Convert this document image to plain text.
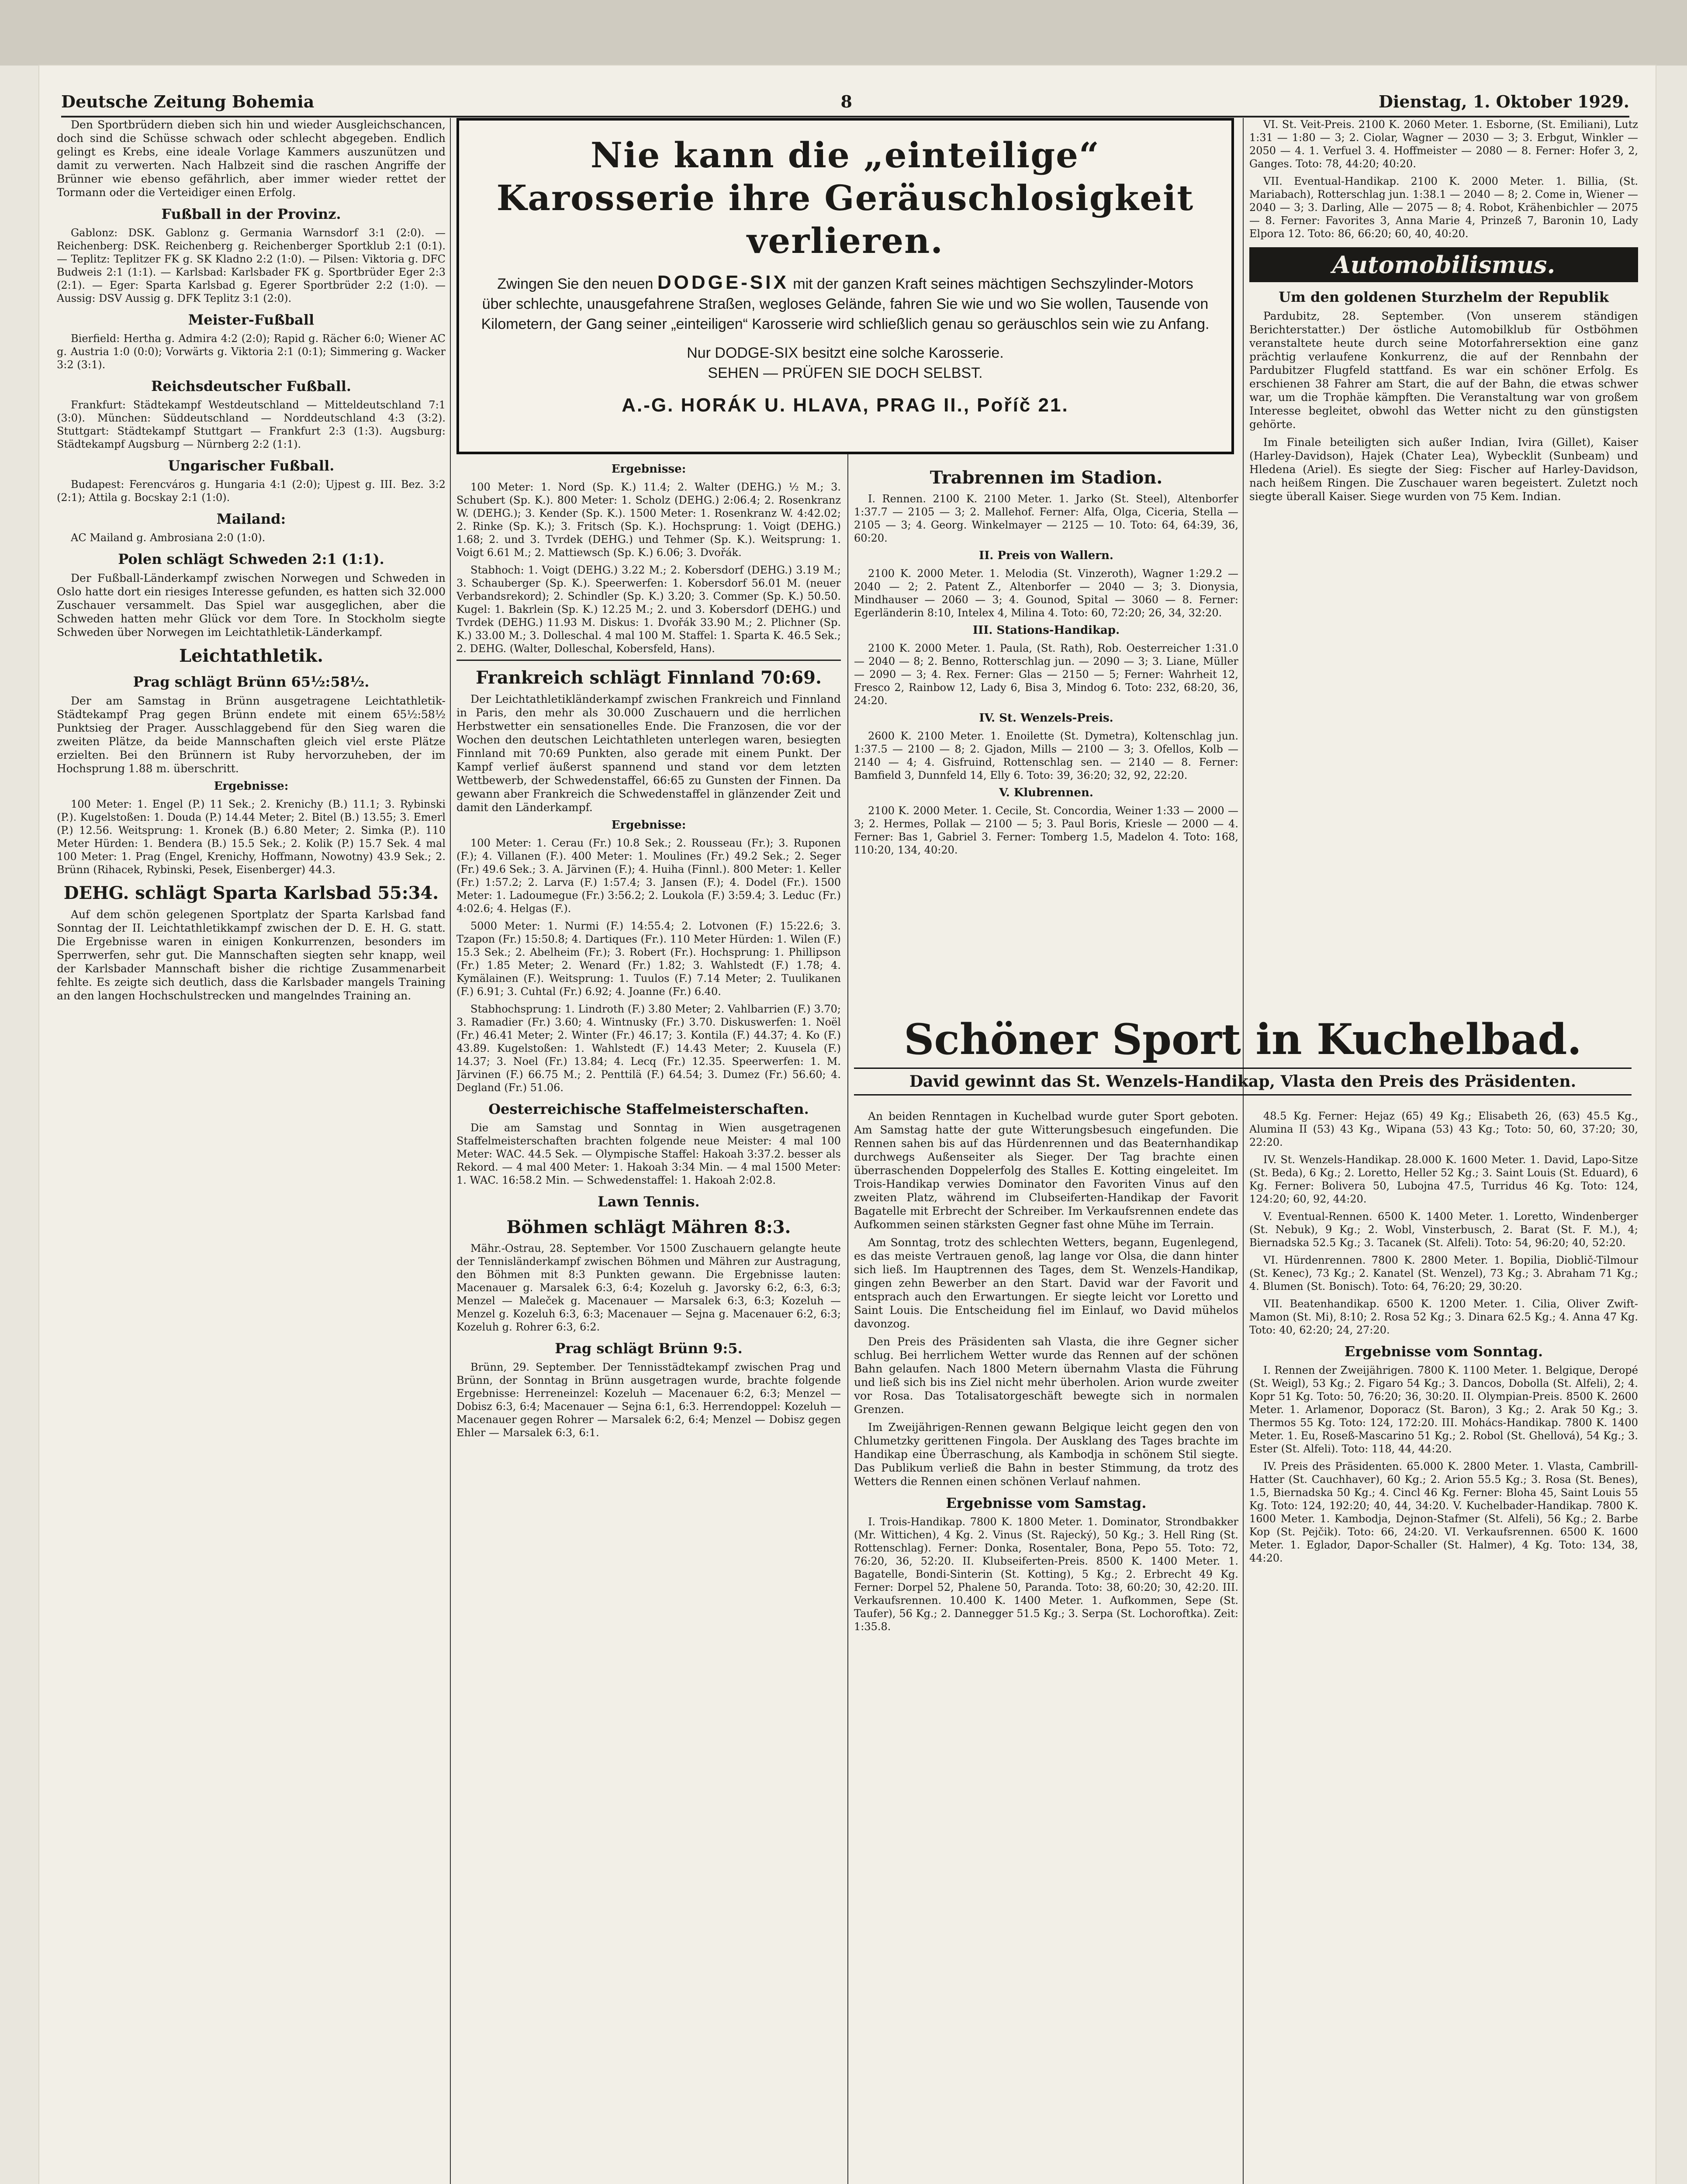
Deutsche Zeitung Bohemia	8	Dienstag, 1. Oktober 1929.

Den Sportbrüdern dieben sich hin und wieder Ausgleichschancen, doch sind die Schüsse schwach oder schlecht abgegeben. Endlich gelingt es Krebs, eine ideale Vorlage Kammers auszunützen und damit zu verwerten. Nach Halbzeit sind die raschen Angriffe der Brünner wie ebenso gefährlich, aber immer wieder rettet der Tormann oder die Verteidiger einen Erfolg.

Fußball in der Provinz.

Gablonz: DSK. Gablonz g. Germania Warnsdorf 3:1 (2:0). — Reichenberg: DSK. Reichenberg g. Reichenberger Sportklub 2:1 (0:1). — Teplitz: Teplitzer FK g. SK Kladno 2:2 (1:0). — Pilsen: Viktoria g. DFC Budweis 2:1 (1:1). — Karlsbad: Karlsbader FK g. Sportbrüder Eger 2:3 (2:1). — Eger: Sparta Karlsbad g. Egerer Sportbrüder 2:2 (1:0). — Aussig: DSV Aussig g. DFK Teplitz 3:1 (2:0).

Meister-Fußball

Bierfield: Hertha g. Admira 4:2 (2:0); Rapid g. Rächer 6:0; Wiener AC g. Austria 1:0 (0:0); Vorwärts g. Viktoria 2:1 (0:1); Simmering g. Wacker 3:2 (3:1).

Reichsdeutscher Fußball.

Frankfurt: Städtekampf Westdeutschland — Mitteldeutschland 7:1 (3:0). München: Süddeutschland — Norddeutschland 4:3 (3:2). Stuttgart: Städtekampf Stuttgart — Frankfurt 2:3 (1:3). Augsburg: Städtekampf Augsburg — Nürnberg 2:2 (1:1).

Ungarischer Fußball.

Budapest: Ferencváros g. Hungaria 4:1 (2:0); Ujpest g. III. Bez. 3:2 (2:1); Attila g. Bocskay 2:1 (1:0).

Mailand:

AC Mailand g. Ambrosiana 2:0 (1:0).

Polen schlägt Schweden 2:1 (1:1).

Der Fußball-Länderkampf zwischen Norwegen und Schweden in Oslo hatte dort ein riesiges Interesse gefunden, es hatten sich 32.000 Zuschauer versammelt. Das Spiel war ausgeglichen, aber die Schweden hatten mehr Glück vor dem Tore. In Stockholm siegte Schweden über Norwegen im Leichtathletik-Länderkampf.

Leichtathletik.
Prag schlägt Brünn 65½:58½.

Der am Samstag in Brünn ausgetragene Leichtathletik-Städtekampf Prag gegen Brünn endete mit einem 65½:58½ Punktsieg der Prager. Ausschlaggebend für den Sieg waren die zweiten Plätze, da beide Mannschaften gleich viel erste Plätze erzielten. Bei den Brünnern ist Ruby hervorzuheben, der im Hochsprung 1.88 m. überschritt.

Ergebnisse:

100 Meter: 1. Engel (P.) 11 Sek.; 2. Krenichy (B.) 11.1; 3. Rybinski (P.). Kugelstoßen: 1. Douda (P.) 14.44 Meter; 2. Bitel (B.) 13.55; 3. Emerl (P.) 12.56. Weitsprung: 1. Kronek (B.) 6.80 Meter; 2. Simka (P.). 110 Meter Hürden: 1. Bendera (B.) 15.5 Sek.; 2. Kolik (P.) 15.7 Sek. 4 mal 100 Meter: 1. Prag (Engel, Krenichy, Hoffmann, Nowotny) 43.9 Sek.; 2. Brünn (Rihacek, Rybinski, Pesek, Eisenberger) 44.3.

DEHG. schlägt Sparta Karlsbad 55:34.

Auf dem schön gelegenen Sportplatz der Sparta Karlsbad fand Sonntag der II. Leichtathletikkampf zwischen der D. E. H. G. statt. Die Ergebnisse waren in einigen Konkurrenzen, besonders im Sperrwerfen, sehr gut. Die Mannschaften siegten sehr knapp, weil der Karlsbader Mannschaft bisher die richtige Zusammenarbeit fehlte. Es zeigte sich deutlich, dass die Karlsbader mangels Training an den langen Hochschulstrecken und mangelndes Training an.

Nie kann die „einteilige“ Karosserie ihre Geräuschlosigkeit verlieren.
Zwingen Sie den neuen DODGE-SIX mit der ganzen Kraft seines mächtigen Sechszylinder-Motors über schlechte, unausgefahrene Straßen, wegloses Gelände, fahren Sie wie und wo Sie wollen, Tausende von Kilometern, der Gang seiner „einteiligen“ Karosserie wird schließlich genau so geräuschlos sein wie zu Anfang.
Nur DODGE-SIX besitzt eine solche Karosserie.
SEHEN — PRÜFEN SIE DOCH SELBST.
A.-G. HORÁK U. HLAVA, PRAG II., Poříč 21.
Ergebnisse:

100 Meter: 1. Nord (Sp. K.) 11.4; 2. Walter (DEHG.) ½ M.; 3. Schubert (Sp. K.). 800 Meter: 1. Scholz (DEHG.) 2:06.4; 2. Rosenkranz W. (DEHG.); 3. Kender (Sp. K.). 1500 Meter: 1. Rosenkranz W. 4:42.02; 2. Rinke (Sp. K.); 3. Fritsch (Sp. K.). Hochsprung: 1. Voigt (DEHG.) 1.68; 2. und 3. Tvrdek (DEHG.) und Tehmer (Sp. K.). Weitsprung: 1. Voigt 6.61 M.; 2. Mattiewsch (Sp. K.) 6.06; 3. Dvořák.

Stabhoch: 1. Voigt (DEHG.) 3.22 M.; 2. Kobersdorf (DEHG.) 3.19 M.; 3. Schauberger (Sp. K.). Speerwerfen: 1. Kobersdorf 56.01 M. (neuer Verbandsrekord); 2. Schindler (Sp. K.) 3.20; 3. Commer (Sp. K.) 50.50. Kugel: 1. Bakrlein (Sp. K.) 12.25 M.; 2. und 3. Kobersdorf (DEHG.) und Tvrdek (DEHG.) 11.93 M. Diskus: 1. Dvořák 33.90 M.; 2. Plichner (Sp. K.) 33.00 M.; 3. Dolleschal. 4 mal 100 M. Staffel: 1. Sparta K. 46.5 Sek.; 2. DEHG. (Walter, Dolleschal, Kobersfeld, Hans).

Frankreich schlägt Finnland 70:69.

Der Leichtathletikländerkampf zwischen Frankreich und Finnland in Paris, den mehr als 30.000 Zuschauern und die herrlichen Herbstwetter ein sensationelles Ende. Die Franzosen, die vor der Wochen den deutschen Leichtathleten unterlegen waren, besiegten Finnland mit 70:69 Punkten, also gerade mit einem Punkt. Der Kampf verlief äußerst spannend und stand vor dem letzten Wettbewerb, der Schwedenstaffel, 66:65 zu Gunsten der Finnen. Da gewann aber Frankreich die Schwedenstaffel in glänzender Zeit und damit den Länderkampf.

Ergebnisse:

100 Meter: 1. Cerau (Fr.) 10.8 Sek.; 2. Rousseau (Fr.); 3. Ruponen (F.); 4. Villanen (F.). 400 Meter: 1. Moulines (Fr.) 49.2 Sek.; 2. Seger (Fr.) 49.6 Sek.; 3. A. Järvinen (F.); 4. Huiha (Finnl.). 800 Meter: 1. Keller (Fr.) 1:57.2; 2. Larva (F.) 1:57.4; 3. Jansen (F.); 4. Dodel (Fr.). 1500 Meter: 1. Ladoumegue (Fr.) 3:56.2; 2. Loukola (F.) 3:59.4; 3. Leduc (Fr.) 4:02.6; 4. Helgas (F.).

5000 Meter: 1. Nurmi (F.) 14:55.4; 2. Lotvonen (F.) 15:22.6; 3. Tzapon (Fr.) 15:50.8; 4. Dartiques (Fr.). 110 Meter Hürden: 1. Wilen (F.) 15.3 Sek.; 2. Abelheim (Fr.); 3. Robert (Fr.). Hochsprung: 1. Phillipson (Fr.) 1.85 Meter; 2. Wenard (Fr.) 1.82; 3. Wahlstedt (F.) 1.78; 4. Kymälainen (F.). Weitsprung: 1. Tuulos (F.) 7.14 Meter; 2. Tuulikanen (F.) 6.91; 3. Cuhtal (Fr.) 6.92; 4. Joanne (Fr.) 6.40.

Stabhochsprung: 1. Lindroth (F.) 3.80 Meter; 2. Vahlbarrien (F.) 3.70; 3. Ramadier (Fr.) 3.60; 4. Wintnusky (Fr.) 3.70. Diskuswerfen: 1. Noël (Fr.) 46.41 Meter; 2. Winter (Fr.) 46.17; 3. Kontila (F.) 44.37; 4. Ko (F.) 43.89. Kugelstoßen: 1. Wahlstedt (F.) 14.43 Meter; 2. Kuusela (F.) 14.37; 3. Noel (Fr.) 13.84; 4. Lecq (Fr.) 12.35. Speerwerfen: 1. M. Järvinen (F.) 66.75 M.; 2. Penttilä (F.) 64.54; 3. Dumez (Fr.) 56.60; 4. Degland (Fr.) 51.06.

Oesterreichische Staffelmeisterschaften.

Die am Samstag und Sonntag in Wien ausgetragenen Staffelmeisterschaften brachten folgende neue Meister: 4 mal 100 Meter: WAC. 44.5 Sek. — Olympische Staffel: Hakoah 3:37.2. besser als Rekord. — 4 mal 400 Meter: 1. Hakoah 3:34 Min. — 4 mal 1500 Meter: 1. WAC. 16:58.2 Min. — Schwedenstaffel: 1. Hakoah 2:02.8.

Lawn Tennis.
Böhmen schlägt Mähren 8:3.

Mähr.-Ostrau, 28. September. Vor 1500 Zuschauern gelangte heute der Tennisländerkampf zwischen Böhmen und Mähren zur Austragung, den Böhmen mit 8:3 Punkten gewann. Die Ergebnisse lauten: Macenauer g. Marsalek 6:3, 6:4; Kozeluh g. Javorsky 6:2, 6:3, 6:3; Menzel — Maleček g. Macenauer — Marsalek 6:3, 6:3; Kozeluh — Menzel g. Kozeluh 6:3, 6:3; Macenauer — Sejna g. Macenauer 6:2, 6:3; Kozeluh g. Rohrer 6:3, 6:2.

Prag schlägt Brünn 9:5.

Brünn, 29. September. Der Tennisstädtekampf zwischen Prag und Brünn, der Sonntag in Brünn ausgetragen wurde, brachte folgende Ergebnisse: Herreneinzel: Kozeluh — Macenauer 6:2, 6:3; Menzel — Dobisz 6:3, 6:4; Macenauer — Sejna 6:1, 6:3. Herrendoppel: Kozeluh — Macenauer gegen Rohrer — Marsalek 6:2, 6:4; Menzel — Dobisz gegen Ehler — Marsalek 6:3, 6:1.

Trabrennen im Stadion.

I. Rennen. 2100 K. 2100 Meter. 1. Jarko (St. Steel), Altenborfer 1:37.7 — 2105 — 3; 2. Mallehof. Ferner: Alfa, Olga, Ciceria, Stella — 2105 — 3; 4. Georg. Winkelmayer — 2125 — 10. Toto: 64, 64:39, 36, 60:20.

II. Preis von Wallern.

2100 K. 2000 Meter. 1. Melodia (St. Vinzeroth), Wagner 1:29.2 — 2040 — 2; 2. Patent Z., Altenborfer — 2040 — 3; 3. Dionysia, Mindhauser — 2060 — 3; 4. Gounod, Spital — 3060 — 8. Ferner: Egerländerin 8:10, Intelex 4, Milina 4. Toto: 60, 72:20; 26, 34, 32:20.

III. Stations-Handikap.

2100 K. 2000 Meter. 1. Paula, (St. Rath), Rob. Oesterreicher 1:31.0 — 2040 — 8; 2. Benno, Rotterschlag jun. — 2090 — 3; 3. Liane, Müller — 2090 — 3; 4. Rex. Ferner: Glas — 2150 — 5; Ferner: Wahrheit 12, Fresco 2, Rainbow 12, Lady 6, Bisa 3, Mindog 6. Toto: 232, 68:20, 36, 24:20.

IV. St. Wenzels-Preis.

2600 K. 2100 Meter. 1. Enoilette (St. Dymetra), Koltenschlag jun. 1:37.5 — 2100 — 8; 2. Gjadon, Mills — 2100 — 3; 3. Ofellos, Kolb — 2140 — 4; 4. Gisfruind, Rottenschlag sen. — 2140 — 8. Ferner: Bamfield 3, Dunnfeld 14, Elly 6. Toto: 39, 36:20; 32, 92, 22:20.

V. Klubrennen.

2100 K. 2000 Meter. 1. Cecile, St. Concordia, Weiner 1:33 — 2000 — 3; 2. Hermes, Pollak — 2100 — 5; 3. Paul Boris, Kriesle — 2000 — 4. Ferner: Bas 1, Gabriel 3. Ferner: Tomberg 1.5, Madelon 4. Toto: 168, 110:20, 134, 40:20.

VI. St. Veit-Preis. 2100 K. 2060 Meter. 1. Esborne, (St. Emiliani), Lutz 1:31 — 1:80 — 3; 2. Ciolar, Wagner — 2030 — 3; 3. Erbgut, Winkler — 2050 — 4. 1. Verfuel 3. 4. Hoffmeister — 2080 — 8. Ferner: Hofer 3, 2, Ganges. Toto: 78, 44:20; 40:20.

VII. Eventual-Handikap. 2100 K. 2000 Meter. 1. Billia, (St. Mariabach), Rotterschlag jun. 1:38.1 — 2040 — 8; 2. Come in, Wiener — 2040 — 3; 3. Darling, Alle — 2075 — 8; 4. Robot, Krähenbichler — 2075 — 8. Ferner: Favorites 3, Anna Marie 4, Prinzeß 7, Baronin 10, Lady Elpora 12. Toto: 86, 66:20; 60, 40, 40:20.

Automobilismus.
Um den goldenen Sturzhelm der Republik

Pardubitz, 28. September. (Von unserem ständigen Berichterstatter.) Der östliche Automobilklub für Ostböhmen veranstaltete heute durch seine Motorfahrersektion eine ganz prächtig verlaufene Konkurrenz, die auf der Rennbahn der Pardubitzer Flugfeld stattfand. Es war ein schöner Erfolg. Es erschienen 38 Fahrer am Start, die auf der Bahn, die etwas schwer war, um die Trophäe kämpften. Die Veranstaltung war von großem Interesse begleitet, obwohl das Wetter nicht zu den günstigsten gehörte.

Im Finale beteiligten sich außer Indian, Ivira (Gillet), Kaiser (Harley-Davidson), Hajek (Chater Lea), Wybecklit (Sunbeam) und Hledena (Ariel). Es siegte der Sieg: Fischer auf Harley-Davidson, nach heißem Ringen. Die Zuschauer waren begeistert. Zuletzt noch siegte überall Kaiser. Siege wurden von 75 Kem. Indian.

Schöner Sport in Kuchelbad.
David gewinnt das St. Wenzels-Handikap, Vlasta den Preis des Präsidenten.

An beiden Renntagen in Kuchelbad wurde guter Sport geboten. Am Samstag hatte der gute Witterungsbesuch eingefunden. Die Rennen sahen bis auf das Hürdenrennen und das Beaternhandikap durchwegs Außenseiter als Sieger. Der Tag brachte einen überraschenden Doppelerfolg des Stalles E. Kotting eingeleitet. Im Trois-Handikap verwies Dominator den Favoriten Vinus auf den zweiten Platz, während im Clubseiferten-Handikap der Favorit Bagatelle mit Erbrecht der Schreiber. Im Verkaufsrennen endete das Aufkommen seinen stärksten Gegner fast ohne Mühe im Terrain.

Am Sonntag, trotz des schlechten Wetters, begann, Eugenlegend, es das meiste Vertrauen genoß, lag lange vor Olsa, die dann hinter sich ließ. Im Hauptrennen des Tages, dem St. Wenzels-Handikap, gingen zehn Bewerber an den Start. David war der Favorit und entsprach auch den Erwartungen. Er siegte leicht vor Loretto und Saint Louis. Die Entscheidung fiel im Einlauf, wo David mühelos davonzog.

Den Preis des Präsidenten sah Vlasta, die ihre Gegner sicher schlug. Bei herrlichem Wetter wurde das Rennen auf der schönen Bahn gelaufen. Nach 1800 Metern übernahm Vlasta die Führung und ließ sich bis ins Ziel nicht mehr überholen. Arion wurde zweiter vor Rosa. Das Totalisatorgeschäft bewegte sich in normalen Grenzen.

Im Zweijährigen-Rennen gewann Belgique leicht gegen den von Chlumetzky gerittenen Fingola. Der Ausklang des Tages brachte im Handikap eine Überraschung, als Kambodja in schönem Stil siegte. Das Publikum verließ die Bahn in bester Stimmung, da trotz des Wetters die Rennen einen schönen Verlauf nahmen.

Ergebnisse vom Samstag.

I. Trois-Handikap. 7800 K. 1800 Meter. 1. Dominator, Strondbakker (Mr. Wittichen), 4 Kg. 2. Vinus (St. Rajecký), 50 Kg.; 3. Hell Ring (St. Rottenschlag). Ferner: Donka, Rosentaler, Bona, Pepo 55. Toto: 72, 76:20, 36, 52:20. II. Klubseiferten-Preis. 8500 K. 1400 Meter. 1. Bagatelle, Bondi-Sinterin (St. Kotting), 5 Kg.; 2. Erbrecht 49 Kg. Ferner: Dorpel 52, Phalene 50, Paranda. Toto: 38, 60:20; 30, 42:20. III. Verkaufsrennen. 10.400 K. 1400 Meter. 1. Aufkommen, Sepe (St. Taufer), 56 Kg.; 2. Dannegger 51.5 Kg.; 3. Serpa (St. Lochoroftka). Zeit: 1:35.8.

48.5 Kg. Ferner: Hejaz (65) 49 Kg.; Elisabeth 26, (63) 45.5 Kg., Alumina II (53) 43 Kg., Wipana (53) 43 Kg.; Toto: 50, 60, 37:20; 30, 22:20.

IV. St. Wenzels-Handikap. 28.000 K. 1600 Meter. 1. David, Lapo-Sitze (St. Beda), 6 Kg.; 2. Loretto, Heller 52 Kg.; 3. Saint Louis (St. Eduard), 6 Kg. Ferner: Bolivera 50, Lubojna 47.5, Turridus 46 Kg. Toto: 124, 124:20; 60, 92, 44:20.

V. Eventual-Rennen. 6500 K. 1400 Meter. 1. Loretto, Windenberger (St. Nebuk), 9 Kg.; 2. Wobl, Vinsterbusch, 2. Barat (St. F. M.), 4; Biernadska 52.5 Kg.; 3. Tacanek (St. Alfeli). Toto: 54, 96:20; 40, 52:20.

VI. Hürdenrennen. 7800 K. 2800 Meter. 1. Bopilia, Dioblič-Tilmour (St. Kenec), 73 Kg.; 2. Kanatel (St. Wenzel), 73 Kg.; 3. Abraham 71 Kg.; 4. Blumen (St. Bonisch). Toto: 64, 76:20; 29, 30:20.

VII. Beatenhandikap. 6500 K. 1200 Meter. 1. Cilia, Oliver Zwift-Mamon (St. Mi), 8:10; 2. Rosa 52 Kg.; 3. Dinara 62.5 Kg.; 4. Anna 47 Kg. Toto: 40, 62:20; 24, 27:20.

Ergebnisse vom Sonntag.

I. Rennen der Zweijährigen. 7800 K. 1100 Meter. 1. Belgique, Deropé (St. Weigl), 53 Kg.; 2. Figaro 54 Kg.; 3. Dancos, Dobolla (St. Alfeli), 2; 4. Kopr 51 Kg. Toto: 50, 76:20; 36, 30:20. II. Olympian-Preis. 8500 K. 2600 Meter. 1. Arlamenor, Doporacz (St. Baron), 3 Kg.; 2. Arak 50 Kg.; 3. Thermos 55 Kg. Toto: 124, 172:20. III. Mohács-Handikap. 7800 K. 1400 Meter. 1. Eu, Roseß-Mascarino 51 Kg.; 2. Robol (St. Ghellová), 54 Kg.; 3. Ester (St. Alfeli). Toto: 118, 44, 44:20.

IV. Preis des Präsidenten. 65.000 K. 2800 Meter. 1. Vlasta, Cambrill-Hatter (St. Cauchhaver), 60 Kg.; 2. Arion 55.5 Kg.; 3. Rosa (St. Benes), 1.5, Biernadska 50 Kg.; 4. Cincl 46 Kg. Ferner: Bloha 45, Saint Louis 55 Kg. Toto: 124, 192:20; 40, 44, 34:20. V. Kuchelbader-Handikap. 7800 K. 1600 Meter. 1. Kambodja, Dejnon-Stafmer (St. Alfeli), 56 Kg.; 2. Barbe Kop (St. Pejčik). Toto: 66, 24:20. VI. Verkaufsrennen. 6500 K. 1600 Meter. 1. Eglador, Dapor-Schaller (St. Halmer), 4 Kg. Toto: 134, 38, 44:20.
